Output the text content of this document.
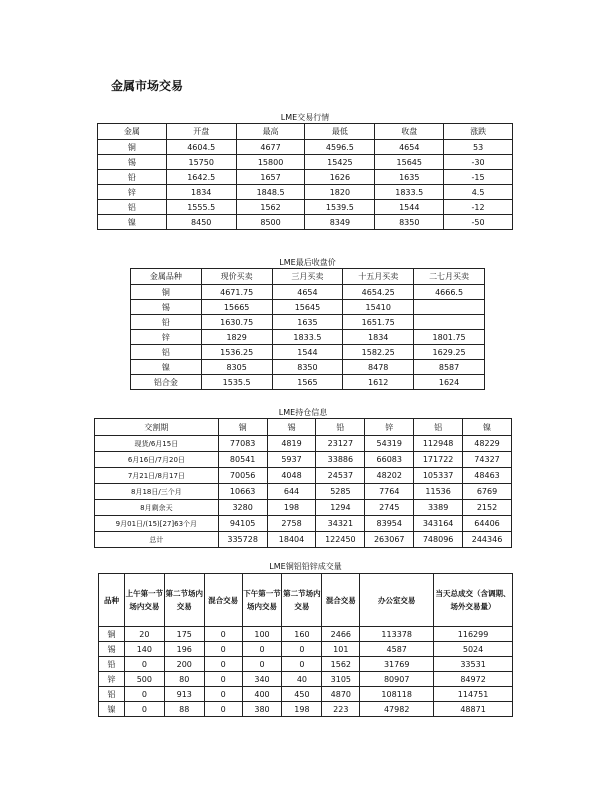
金属市场交易
LME交易行情
金属	开盘	最高	最低	收盘	涨跌
铜	4604.5	4677	4596.5	4654	53
锡	15750	15800	15425	15645	-30
铅	1642.5	1657	1626	1635	-15
锌	1834	1848.5	1820	1833.5	4.5
铝	1555.5	1562	1539.5	1544	-12
镍	8450	8500	8349	8350	-50
LME最后收盘价
金属品种	现价买卖	三月买卖	十五月买卖	二七月买卖
铜	4671.75	4654	4654.25	4666.5
锡	15665	15645	15410	
铅	1630.75	1635	1651.75	
锌	1829	1833.5	1834	1801.75
铝	1536.25	1544	1582.25	1629.25
镍	8305	8350	8478	8587
铝合金	1535.5	1565	1612	1624
LME持仓信息
交割期	铜	锡	铅	锌	铝	镍
现货/6月15日	77083	4819	23127	54319	112948	48229
6月16日/7月20日	80541	5937	33886	66083	171722	74327
7月21日/8月17日	70056	4048	24537	48202	105337	48463
8月18日/三个月	10663	644	5285	7764	11536	6769
8月剩余天	3280	198	1294	2745	3389	2152
9月01日/(15)[27]63个月	94105	2758	34321	83954	343164	64406
总计	335728	18404	122450	263067	748096	244346
LME铜铝铅锌成交量
品种	上午第一节场内交易	第二节场内交易	混合交易	下午第一节场内交易	第二节场内交易	混合交易	办公室交易	当天总成交（含调期、场外交易量）
铜	20	175	0	100	160	2466	113378	116299
锡	140	196	0	0	0	101	4587	5024
铅	0	200	0	0	0	1562	31769	33531
锌	500	80	0	340	40	3105	80907	84972
铝	0	913	0	400	450	4870	108118	114751
镍	0	88	0	380	198	223	47982	48871
